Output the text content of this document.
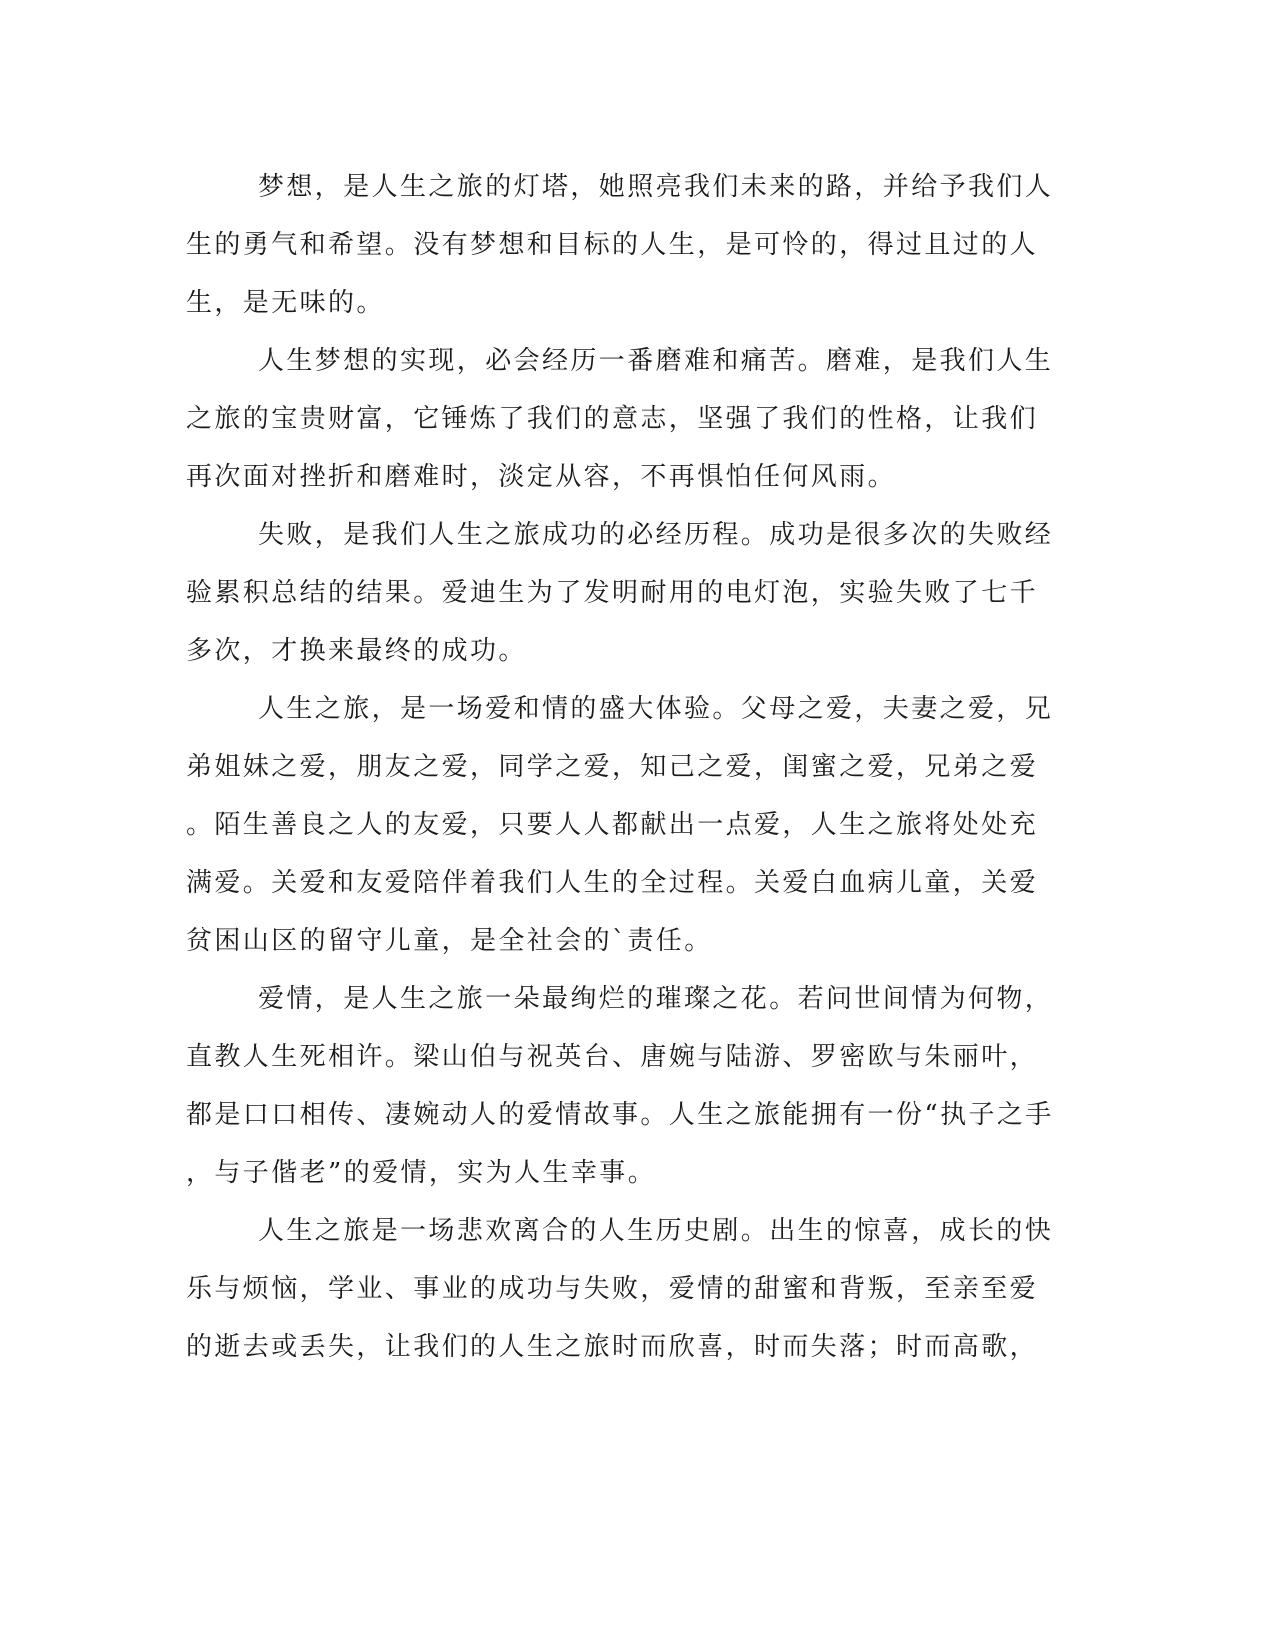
梦想，是人生之旅的灯塔，她照亮我们未来的路，并给予我们人
生的勇气和希望。没有梦想和目标的人生，是可怜的，得过且过的人
生，是无味的。
人生梦想的实现，必会经历一番磨难和痛苦。磨难，是我们人生
之旅的宝贵财富，它锤炼了我们的意志，坚强了我们的性格，让我们
再次面对挫折和磨难时，淡定从容，不再惧怕任何风雨。
失败，是我们人生之旅成功的必经历程。成功是很多次的失败经
验累积总结的结果。爱迪生为了发明耐用的电灯泡，实验失败了七千
多次，才换来最终的成功。
人生之旅，是一场爱和情的盛大体验。父母之爱，夫妻之爱，兄
弟姐妹之爱，朋友之爱，同学之爱，知己之爱，闺蜜之爱，兄弟之爱
。陌生善良之人的友爱，只要人人都献出一点爱，人生之旅将处处充
满爱。关爱和友爱陪伴着我们人生的全过程。关爱白血病儿童，关爱
贫困山区的留守儿童，是全社会的`责任。
爱情，是人生之旅一朵最绚烂的璀璨之花。若问世间情为何物，
直教人生死相许。梁山伯与祝英台、唐婉与陆游、罗密欧与朱丽叶，
都是口口相传、凄婉动人的爱情故事。人生之旅能拥有一份“执子之手
，与子偕老”的爱情，实为人生幸事。
人生之旅是一场悲欢离合的人生历史剧。出生的惊喜，成长的快
乐与烦恼，学业、事业的成功与失败，爱情的甜蜜和背叛，至亲至爱
的逝去或丢失，让我们的人生之旅时而欣喜，时而失落；时而高歌，
